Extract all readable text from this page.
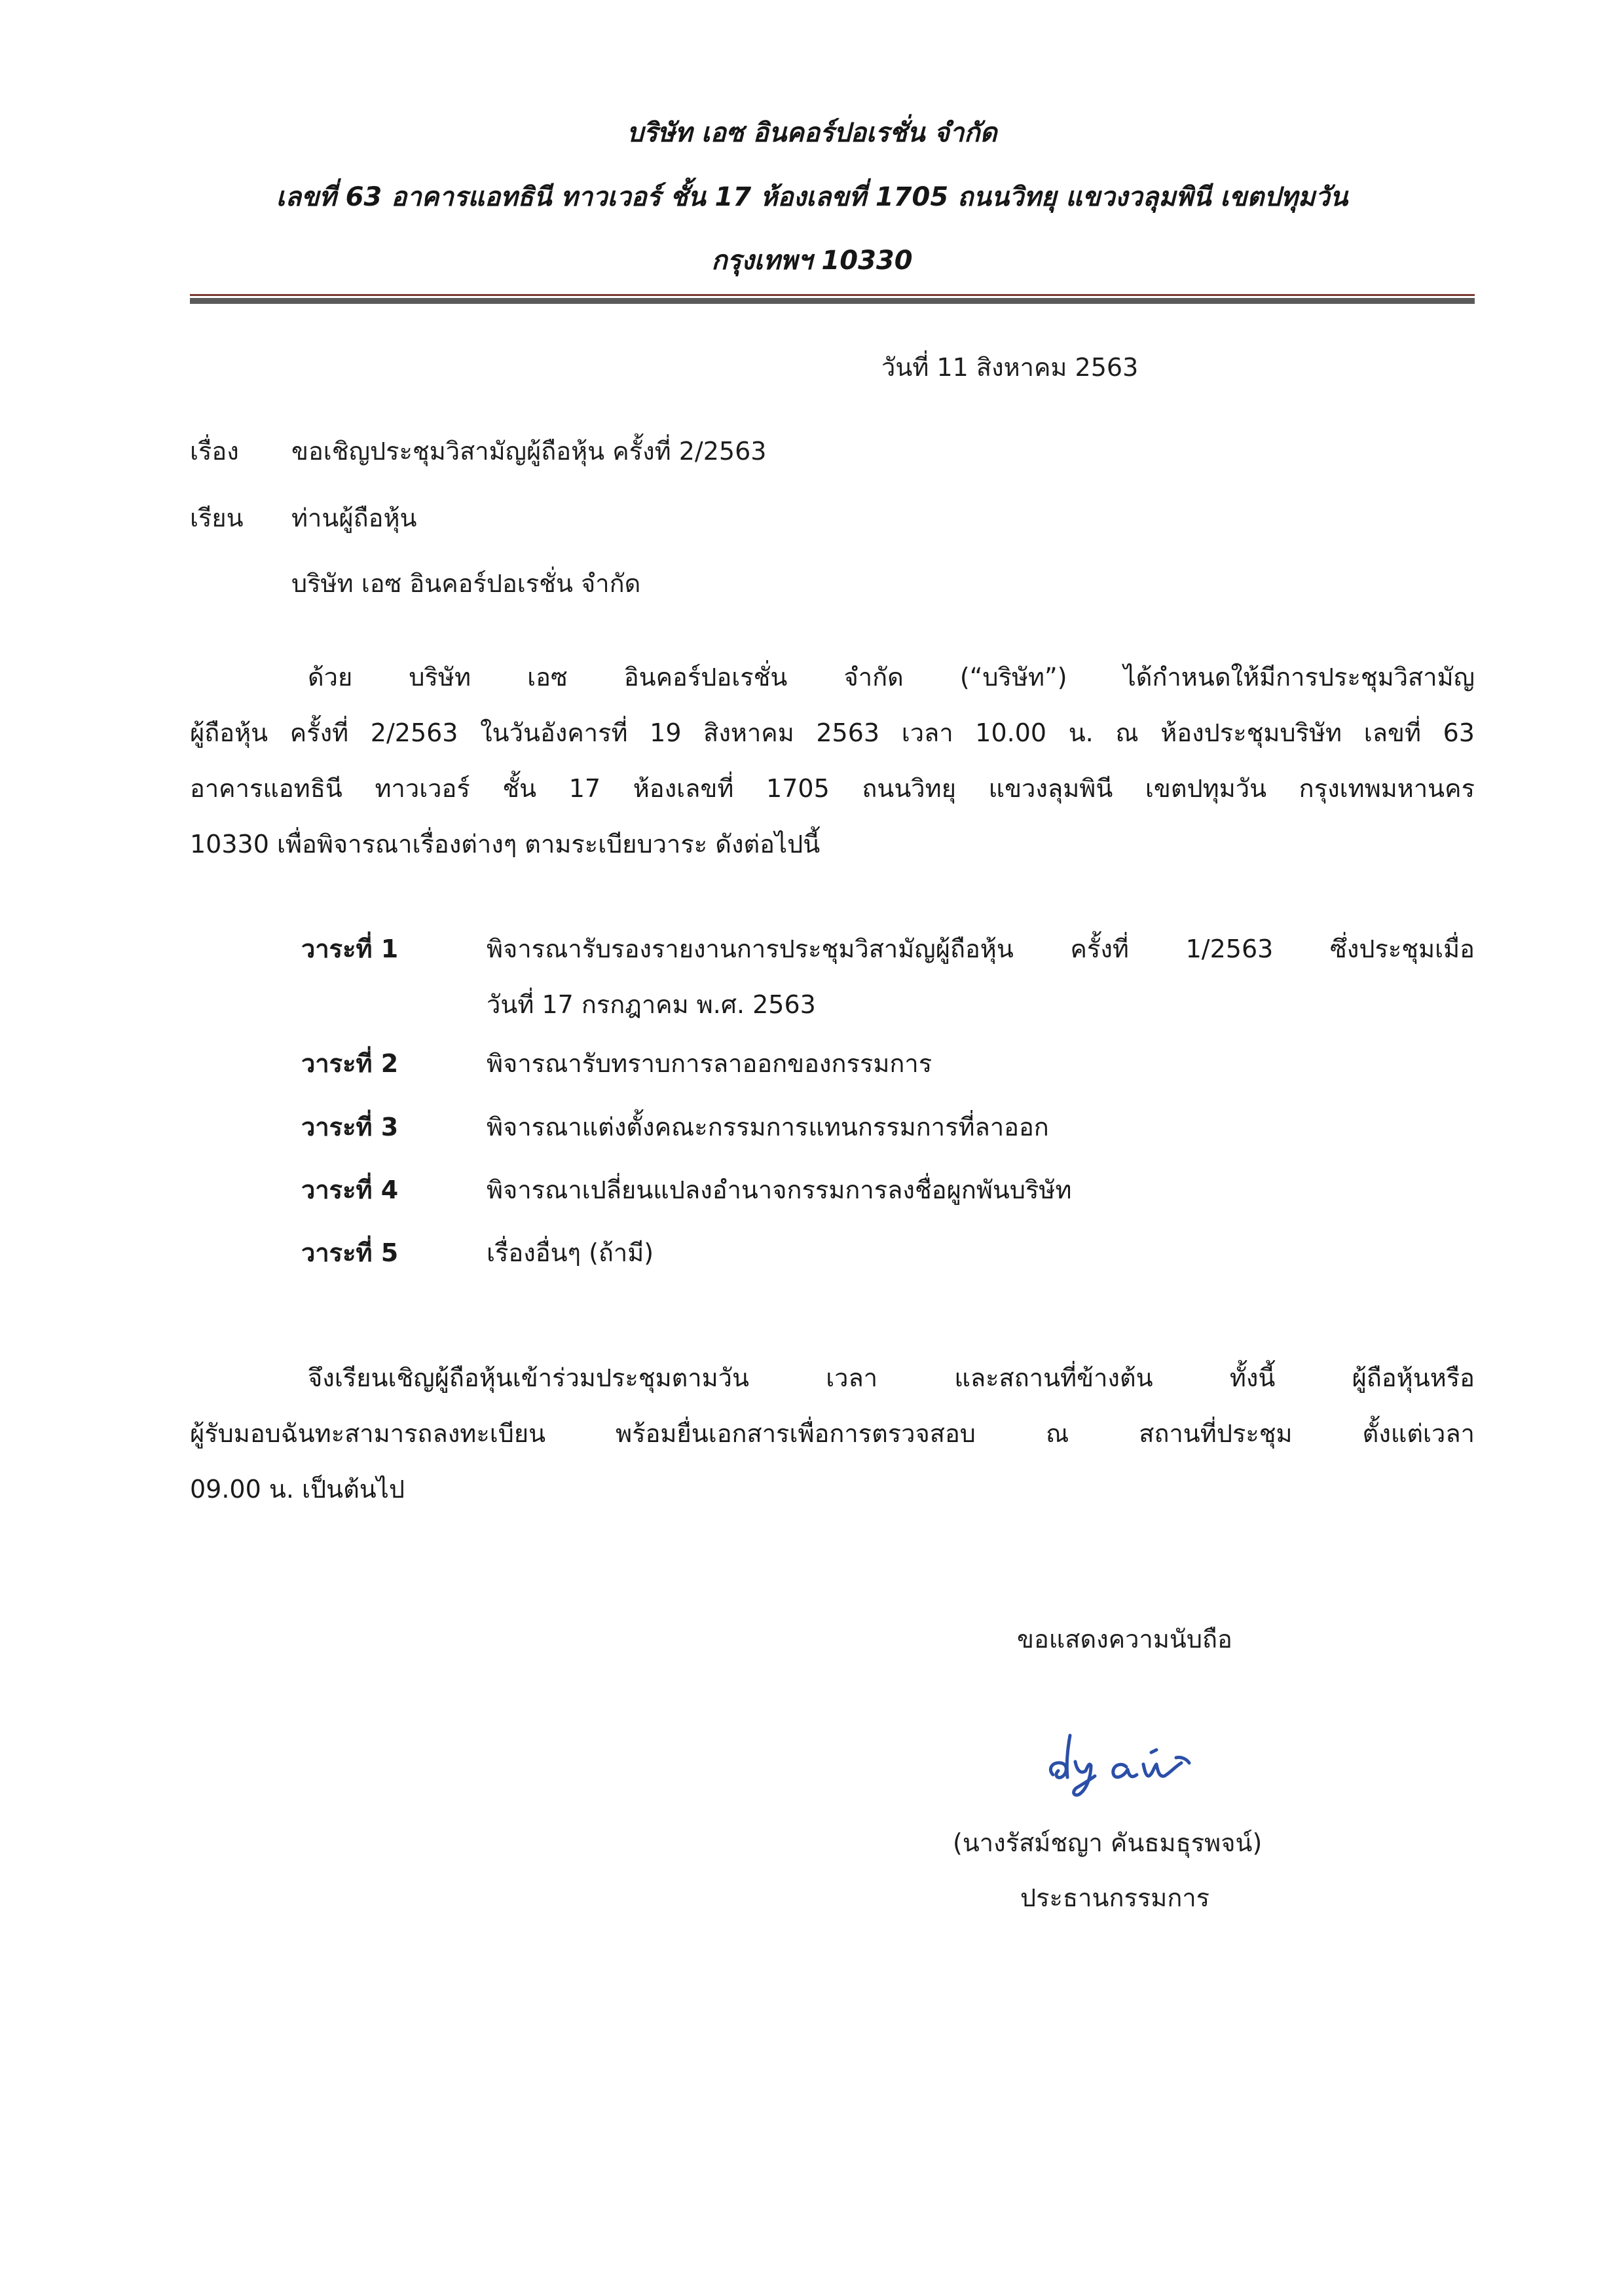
บริษัท เอซ อินคอร์ปอเรชั่น จำกัด
เลขที่ 63 อาคารแอทธินี ทาวเวอร์ ชั้น 17 ห้องเลขที่ 1705 ถนนวิทยุ แขวงวลุมพินี เขตปทุมวัน
กรุงเทพฯ 10330
วันที่ 11 สิงหาคม 2563
เรื่อง ขอเชิญประชุมวิสามัญผู้ถือหุ้น ครั้งที่ 2/2563
เรียน ท่านผู้ถือหุ้น
บริษัท เอซ อินคอร์ปอเรชั่น จำกัด
ด้วย บริษัท เอซ อินคอร์ปอเรชั่น จำกัด (“บริษัท”) ได้กำหนดให้มีการประชุมวิสามัญ
ผู้ถือหุ้น ครั้งที่ 2/2563 ในวันอังคารที่ 19 สิงหาคม 2563 เวลา 10.00 น. ณ ห้องประชุมบริษัท เลขที่ 63
อาคารแอทธินี ทาวเวอร์ ชั้น 17 ห้องเลขที่ 1705 ถนนวิทยุ แขวงลุมพินี เขตปทุมวัน กรุงเทพมหานคร
10330 เพื่อพิจารณาเรื่องต่างๆ ตามระเบียบวาระ ดังต่อไปนี้
วาระที่ 1	พิจารณารับรองรายงานการประชุมวิสามัญผู้ถือหุ้น ครั้งที่ 1/2563 ซึ่งประชุมเมื่อ
วันที่ 17 กรกฎาคม พ.ศ. 2563
วาระที่ 2	พิจารณารับทราบการลาออกของกรรมการ
วาระที่ 3	พิจารณาแต่งตั้งคณะกรรมการแทนกรรมการที่ลาออก
วาระที่ 4	พิจารณาเปลี่ยนแปลงอำนาจกรรมการลงชื่อผูกพันบริษัท
วาระที่ 5	เรื่องอื่นๆ (ถ้ามี)
จึงเรียนเชิญผู้ถือหุ้นเข้าร่วมประชุมตามวัน เวลา และสถานที่ข้างต้น ทั้งนี้ ผู้ถือหุ้นหรือ
ผู้รับมอบฉันทะสามารถลงทะเบียน พร้อมยื่นเอกสารเพื่อการตรวจสอบ ณ สถานที่ประชุม ตั้งแต่เวลา
09.00 น. เป็นต้นไป
ขอแสดงความนับถือ
(นางรัสม์ชญา คันธมธุรพจน์)
ประธานกรรมการ
